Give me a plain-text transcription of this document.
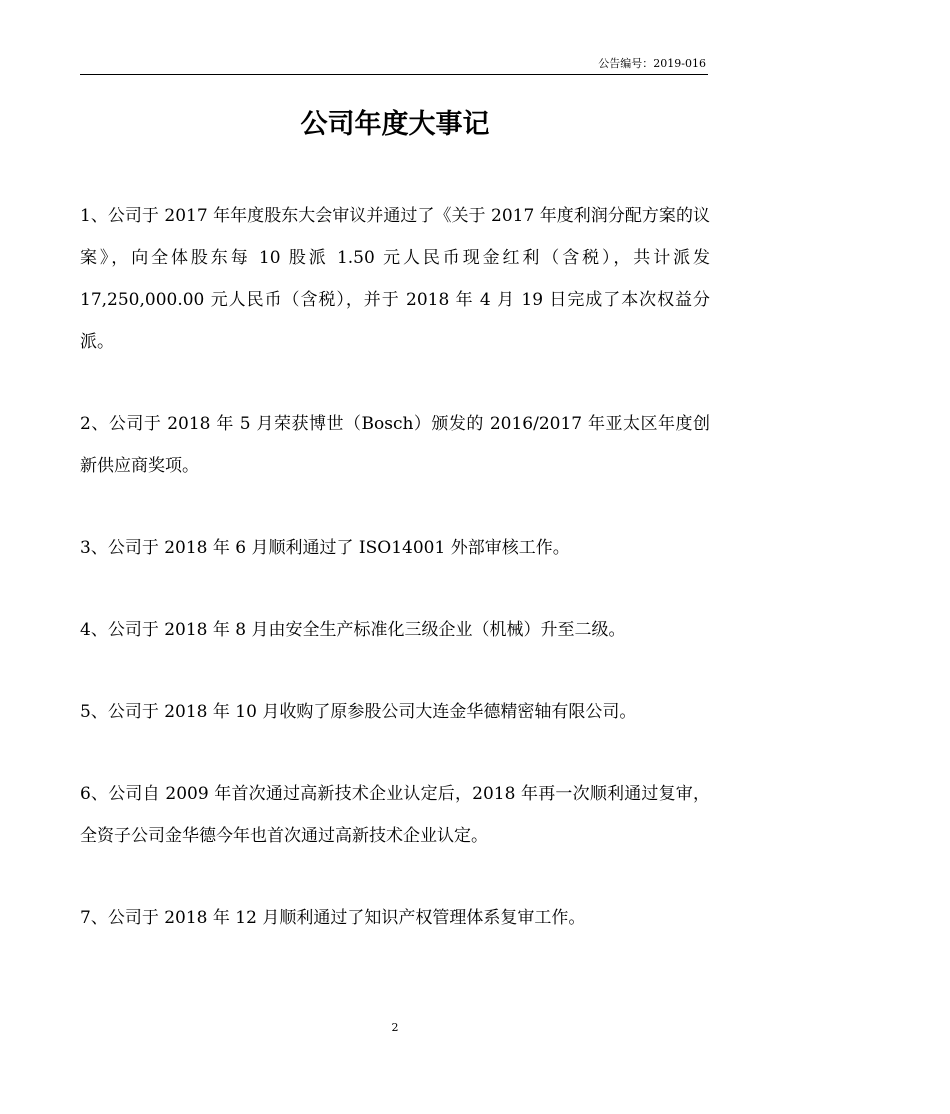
公告编号：2019-016
公司年度大事记
1、公司于 2017 年年度股东大会审议并通过了《关于 2017 年度利润分配方案的议案》，向全体股东每 10 股派 1.50 元人民币现金红利（含税），共计派发 17,250,000.00 元人民币（含税），并于 2018 年 4 月 19 日完成了本次权益分派。
2、公司于 2018 年 5 月荣获博世（Bosch）颁发的 2016/2017 年亚太区年度创新供应商奖项。
3、公司于 2018 年 6 月顺利通过了 ISO14001 外部审核工作。
4、公司于 2018 年 8 月由安全生产标准化三级企业（机械）升至二级。
5、公司于 2018 年 10 月收购了原参股公司大连金华德精密轴有限公司。
6、公司自 2009 年首次通过高新技术企业认定后，2018 年再一次顺利通过复审，全资子公司金华德今年也首次通过高新技术企业认定。
7、公司于 2018 年 12 月顺利通过了知识产权管理体系复审工作。
2
